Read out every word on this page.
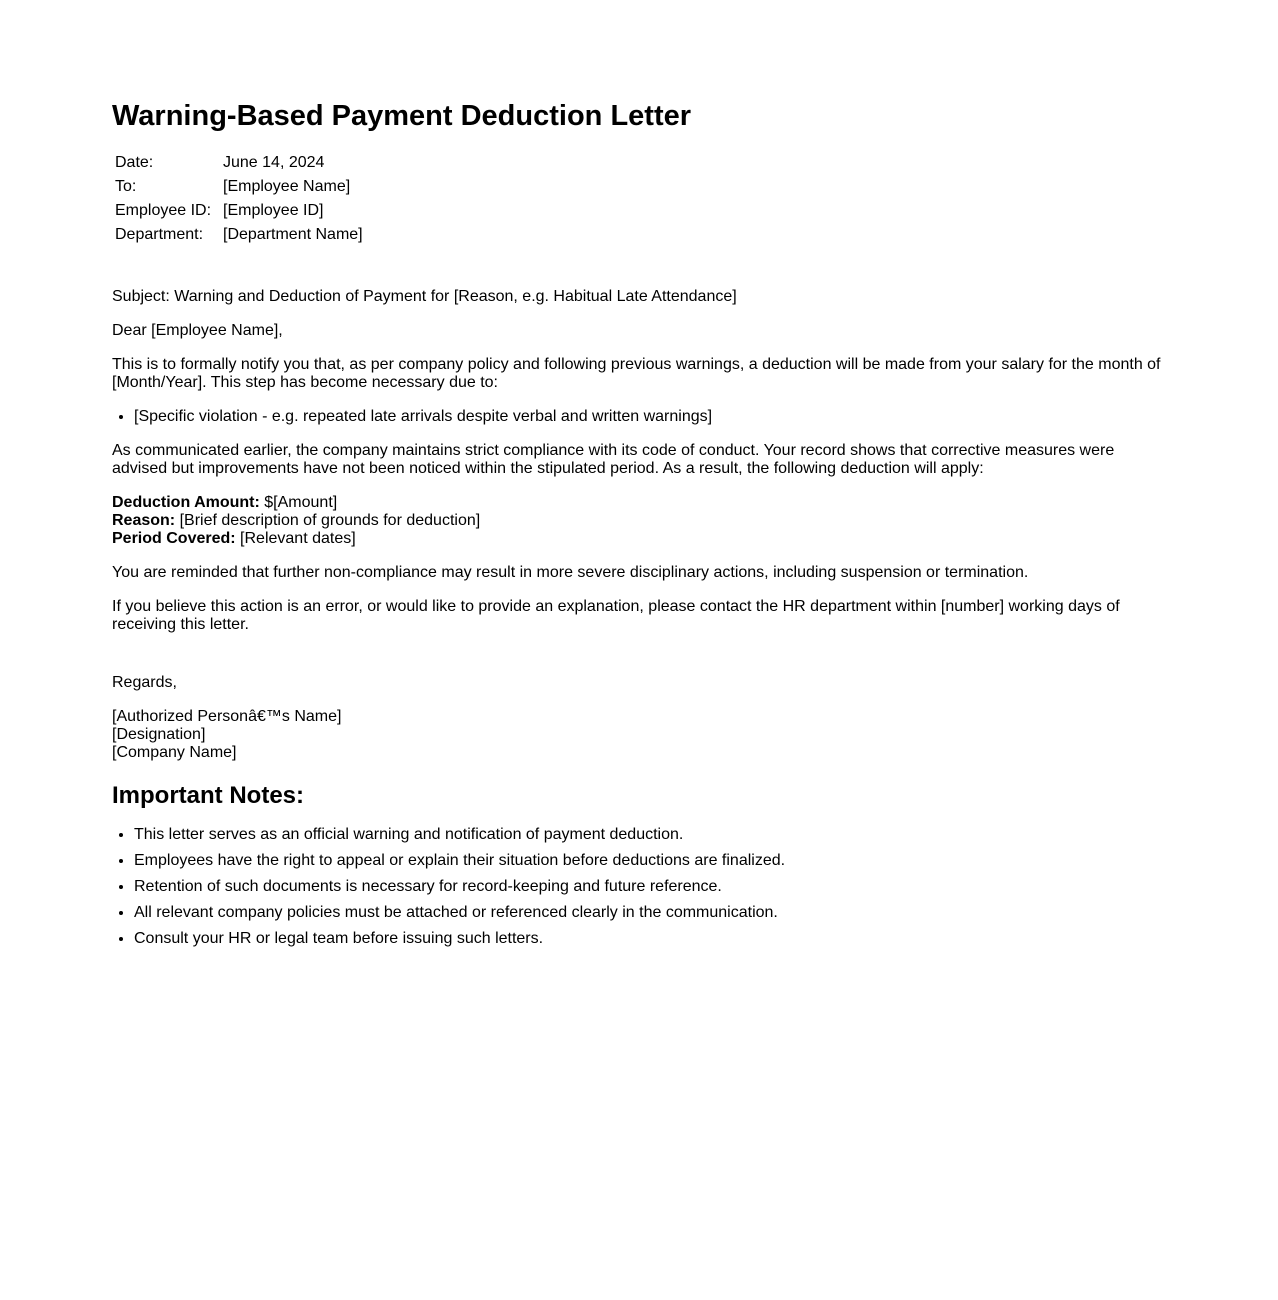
Warning-Based Payment Deduction Letter
Date:	June 14, 2024
To:	[Employee Name]
Employee ID:	[Employee ID]
Department:	[Department Name]

Subject: Warning and Deduction of Payment for [Reason, e.g. Habitual Late Attendance]

Dear [Employee Name],

This is to formally notify you that, as per company policy and following previous warnings, a deduction will be made from your salary for the month of [Month/Year]. This step has become necessary due to:

• [Specific violation - e.g. repeated late arrivals despite verbal and written warnings]

As communicated earlier, the company maintains strict compliance with its code of conduct. Your record shows that corrective measures were advised but improvements have not been noticed within the stipulated period. As a result, the following deduction will apply:

Deduction Amount: $[Amount]
Reason: [Brief description of grounds for deduction]
Period Covered: [Relevant dates]

You are reminded that further non-compliance may result in more severe disciplinary actions, including suspension or termination.

If you believe this action is an error, or would like to provide an explanation, please contact the HR department within [number] working days of receiving this letter.

Regards,

[Authorized Personâ€™s Name]
[Designation]
[Company Name]
Important Notes:
• This letter serves as an official warning and notification of payment deduction.
• Employees have the right to appeal or explain their situation before deductions are finalized.
• Retention of such documents is necessary for record-keeping and future reference.
• All relevant company policies must be attached or referenced clearly in the communication.
• Consult your HR or legal team before issuing such letters.
